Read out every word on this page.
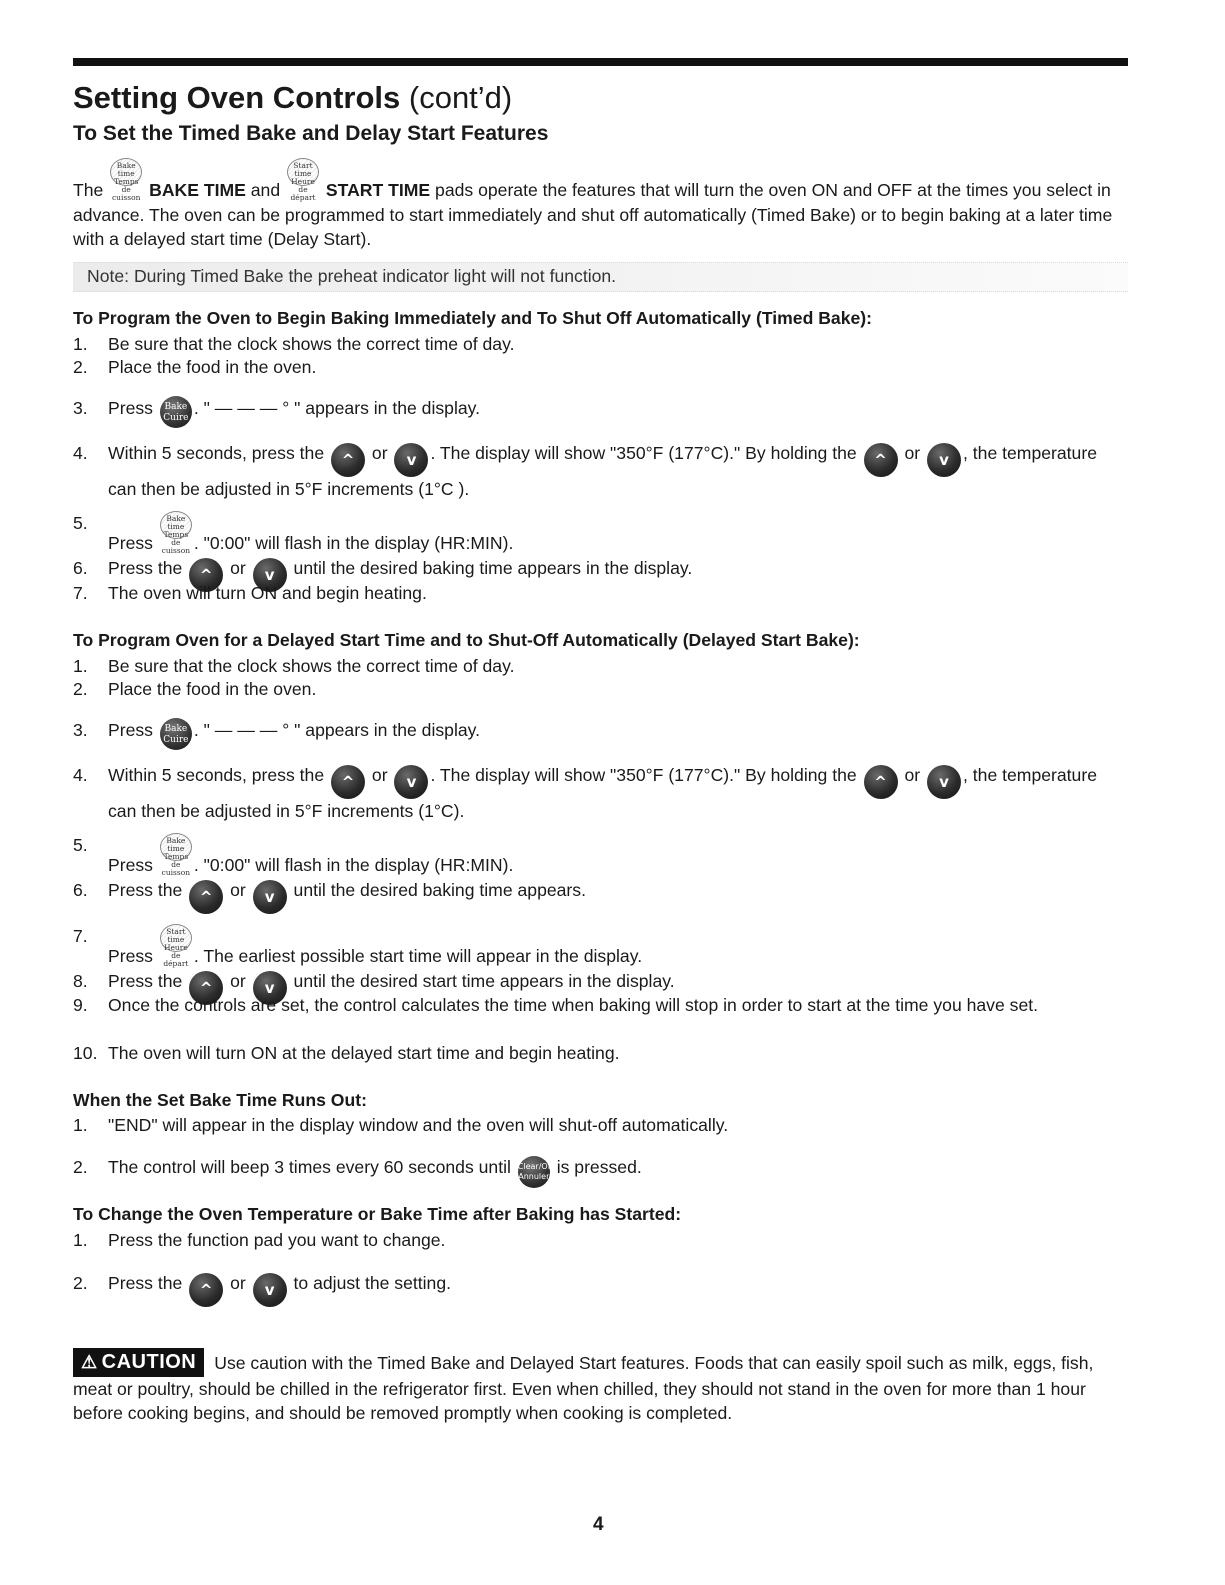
Setting Oven Controls (cont’d)
To Set the Timed Bake and Delay Start Features

The Bake time
Temps de
cuisson BAKE TIME and Start time
Heure de
départ START TIME pads operate the features that will turn the oven ON and OFF at the times you select in advance. The oven can be programmed to start immediately and shut off automatically (Timed Bake) or to begin baking at a later time with a delayed start time (Delay Start).

Note: During Timed Bake the preheat indicator light will not function.
To Program the Oven to Begin Baking Immediately and To Shut Off Automatically (Timed Bake):
1. Be sure that the clock shows the correct time of day.
2. Place the food in the oven.
3. Press Bake
Cuire . " — — — ° " appears in the display.
4. Within 5 seconds, press the ^ or v . The display will show "350°F (177°C)." By holding the ^ or v , the temperature can then be adjusted in 5°F increments (1°C ).
5.
Press Bake time
Temps de
cuisson . "0:00" will flash in the display (HR:MIN).
6. Press the ^ or v until the desired baking time appears in the display.
7. The oven will turn ON and begin heating.
To Program Oven for a Delayed Start Time and to Shut-Off Automatically (Delayed Start Bake):
1. Be sure that the clock shows the correct time of day.
2. Place the food in the oven.
3. Press Bake
Cuire . " — — — ° " appears in the display.
4. Within 5 seconds, press the ^ or v . The display will show "350°F (177°C)." By holding the ^ or v , the temperature can then be adjusted in 5°F increments (1°C).
5.
Press Bake time
Temps de
cuisson . "0:00" will flash in the display (HR:MIN).
6. Press the ^ or v until the desired baking time appears.
7.
Press Start time
Heure de
départ . The earliest possible start time will appear in the display.
8. Press the ^ or v until the desired start time appears in the display.
9. Once the controls are set, the control calculates the time when baking will stop in order to start at the time you have set.
10. The oven will turn ON at the delayed start time and begin heating.
When the Set Bake Time Runs Out:
1. "END" will appear in the display window and the oven will shut-off automatically.
2. The control will beep 3 times every 60 seconds until Clear/Off
Annuler is pressed.
To Change the Oven Temperature or Bake Time after Baking has Started:
1. Press the function pad you want to change.
2. Press the ^ or v to adjust the setting.
⚠ CAUTION Use caution with the Timed Bake and Delayed Start features. Foods that can easily spoil such as milk, eggs, fish, meat or poultry, should be chilled in the refrigerator first. Even when chilled, they should not stand in the oven for more than 1 hour before cooking begins, and should be removed promptly when cooking is completed.
4
